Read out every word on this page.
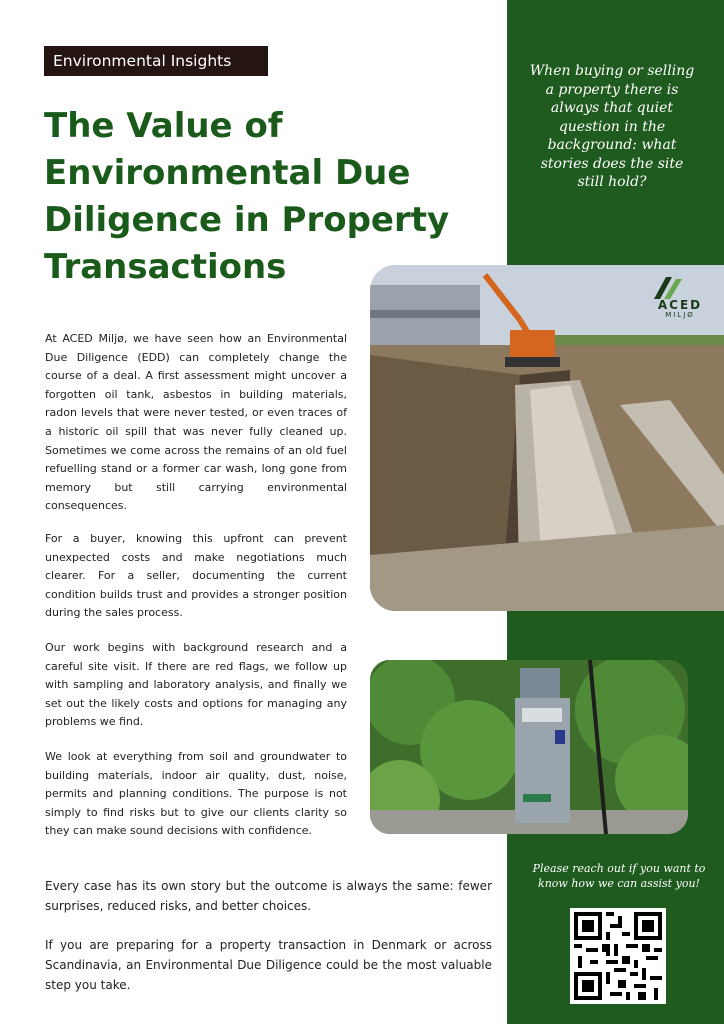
Environmental Insights
The Value of Environmental Due Diligence in Property Transactions

When buying or selling a property there is always that quiet question in the background: what stories does the site still hold?

At ACED Miljø, we have seen how an Environmental Due Diligence (EDD) can completely change the course of a deal. A first assessment might uncover a forgotten oil tank, asbestos in building materials, radon levels that were never tested, or even traces of a historic oil spill that was never fully cleaned up. Sometimes we come across the remains of an old fuel refuelling stand or a former car wash, long gone from memory but still carrying environmental consequences.

For a buyer, knowing this upfront can prevent unexpected costs and make negotiations much clearer. For a seller, documenting the current condition builds trust and provides a stronger position during the sales process.

Our work begins with background research and a careful site visit. If there are red flags, we follow up with sampling and laboratory analysis, and finally we set out the likely costs and options for managing any problems we find.

We look at everything from soil and groundwater to building materials, indoor air quality, dust, noise, permits and planning conditions. The purpose is not simply to find risks but to give our clients clarity so they can make sound decisions with confidence.

ACED
MILJØ

Every case has its own story but the outcome is always the same: fewer surprises, reduced risks, and better choices.

If you are preparing for a property transaction in Denmark or across Scandinavia, an Environmental Due Diligence could be the most valuable step you take.

Please reach out if you want to know how we can assist you!
